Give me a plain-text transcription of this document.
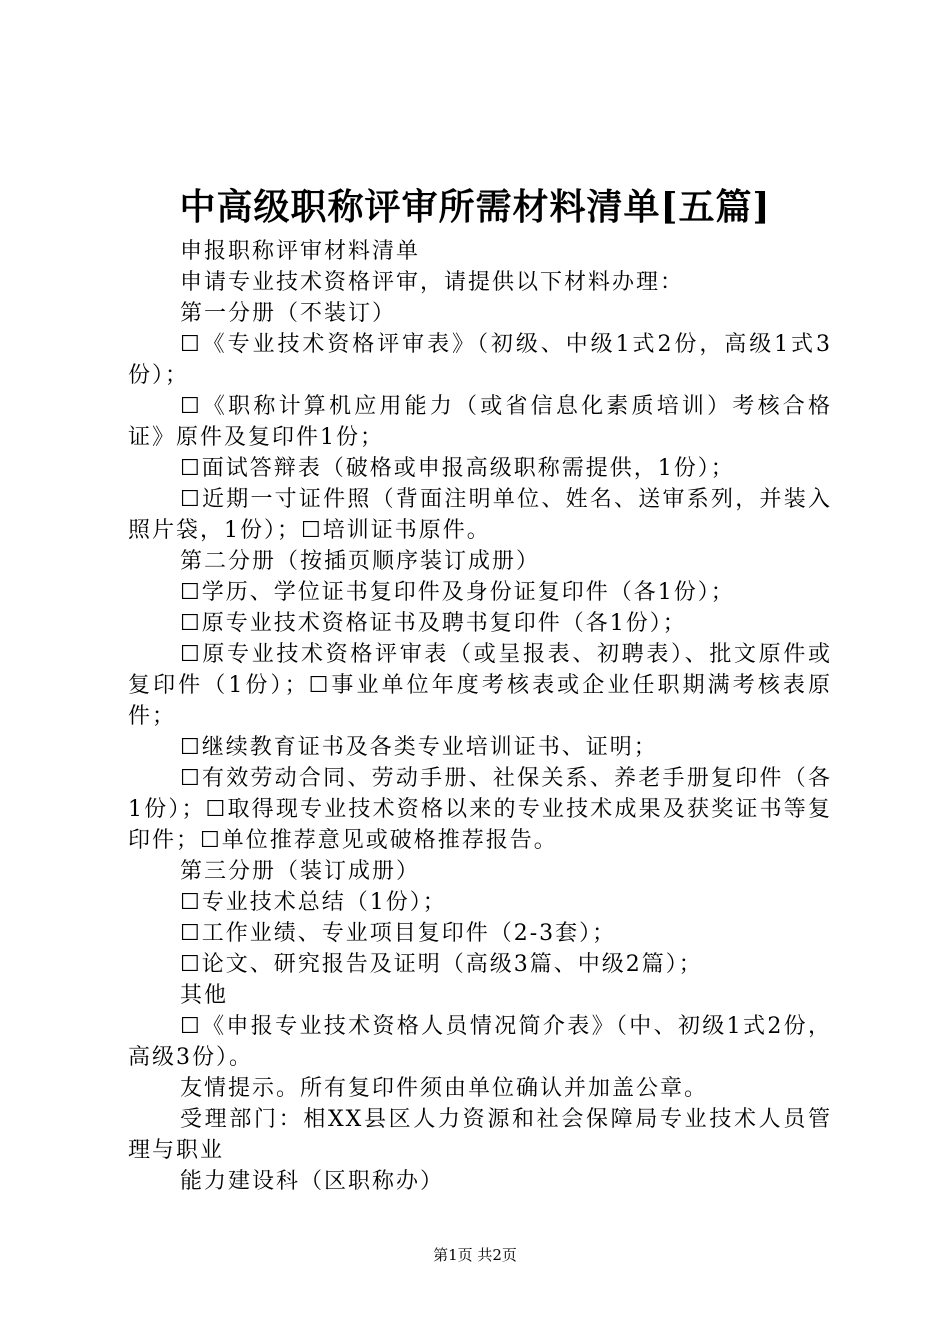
中高级职称评审所需材料清单[五篇]

申报职称评审材料清单

申请专业技术资格评审，请提供以下材料办理：

第一分册（不装订）

☐《专业技术资格评审表》（初级、中级1式2份，高级1式3份）；

☐《职称计算机应用能力（或省信息化素质培训）考核合格证》原件及复印件1份；

☐面试答辩表（破格或申报高级职称需提供，1份）；

☐近期一寸证件照（背面注明单位、姓名、送审系列，并装入照片袋，1份）；☐培训证书原件。

第二分册（按插页顺序装订成册）

☐学历、学位证书复印件及身份证复印件（各1份）；

☐原专业技术资格证书及聘书复印件（各1份）；

☐原专业技术资格评审表（或呈报表、初聘表）、批文原件或复印件（1份）；☐事业单位年度考核表或企业任职期满考核表原件；

☐继续教育证书及各类专业培训证书、证明；

☐有效劳动合同、劳动手册、社保关系、养老手册复印件（各1份）；☐取得现专业技术资格以来的专业技术成果及获奖证书等复印件；☐单位推荐意见或破格推荐报告。

第三分册（装订成册）

☐专业技术总结（1份）；

☐工作业绩、专业项目复印件（2-3套）；

☐论文、研究报告及证明（高级3篇、中级2篇）；

其他

☐《申报专业技术资格人员情况简介表》（中、初级1式2份，高级3份）。

友情提示。所有复印件须由单位确认并加盖公章。

受理部门：相XX县区人力资源和社会保障局专业技术人员管理与职业

能力建设科（区职称办）

第1页 共2页
